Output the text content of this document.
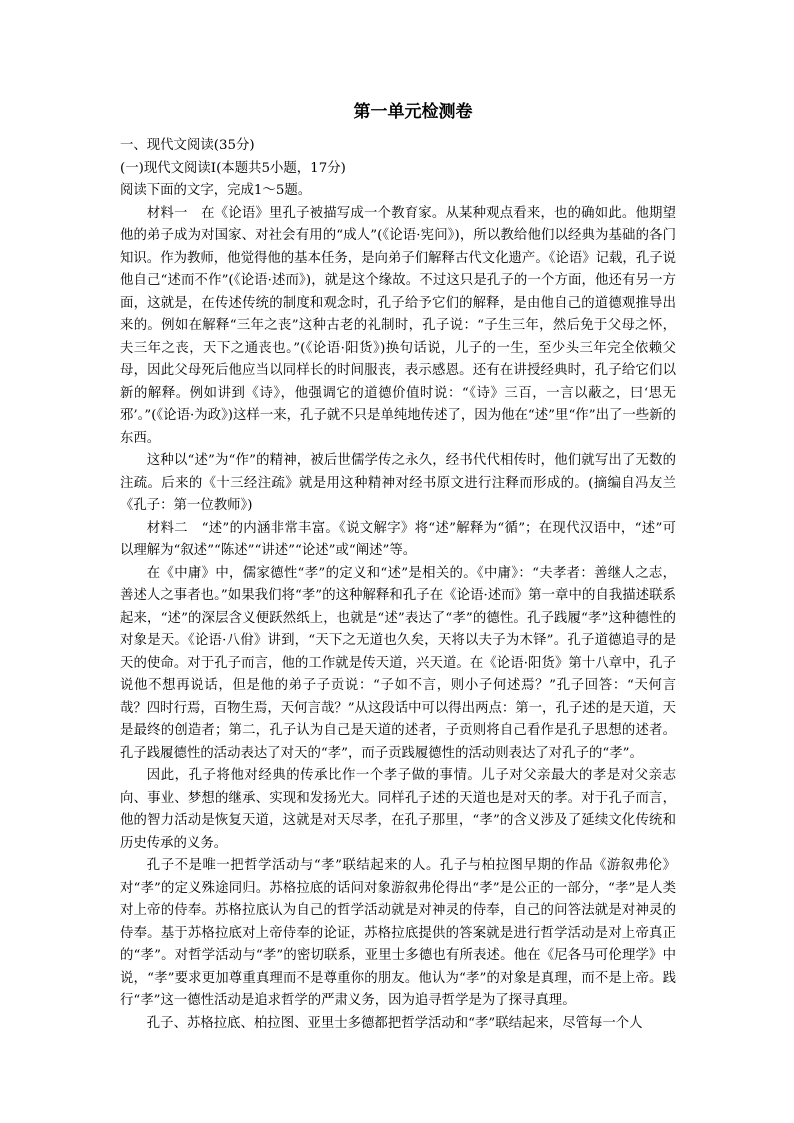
第一单元检测卷

一、现代文阅读(35分)

(一)现代文阅读Ⅰ(本题共5小题，17分)

阅读下面的文字，完成1～5题。

材料一　在《论语》里孔子被描写成一个教育家。从某种观点看来，也的确如此。他期望他的弟子成为对国家、对社会有用的“成人”(《论语·宪问》)，所以教给他们以经典为基础的各门知识。作为教师，他觉得他的基本任务，是向弟子们解释古代文化遗产。《论语》记载，孔子说他自己“述而不作”(《论语·述而》)，就是这个缘故。不过这只是孔子的一个方面，他还有另一方面，这就是，在传述传统的制度和观念时，孔子给予它们的解释，是由他自己的道德观推导出来的。例如在解释“三年之丧”这种古老的礼制时，孔子说：“子生三年，然后免于父母之怀，夫三年之丧，天下之通丧也。”(《论语·阳货》)换句话说，儿子的一生，至少头三年完全依赖父母，因此父母死后他应当以同样长的时间服丧，表示感恩。还有在讲授经典时，孔子给它们以新的解释。例如讲到《诗》，他强调它的道德价值时说：“《诗》三百，一言以蔽之，曰‘思无邪’。”(《论语·为政》)这样一来，孔子就不只是单纯地传述了，因为他在“述”里“作”出了一些新的东西。

这种以“述”为“作”的精神，被后世儒学传之永久，经书代代相传时，他们就写出了无数的注疏。后来的《十三经注疏》就是用这种精神对经书原文进行注释而形成的。(摘编自冯友兰《孔子：第一位教师》)

材料二　“述”的内涵非常丰富。《说文解字》将“述”解释为“循”；在现代汉语中，“述”可以理解为“叙述”“陈述”“讲述”“论述”或“阐述”等。

在《中庸》中，儒家德性“孝”的定义和“述”是相关的。《中庸》：“夫孝者：善继人之志，善述人之事者也。”如果我们将“孝”的这种解释和孔子在《论语·述而》第一章中的自我描述联系起来，“述”的深层含义便跃然纸上，也就是“述”表达了“孝”的德性。孔子践履“孝”这种德性的对象是天。《论语·八佾》讲到，“天下之无道也久矣，天将以夫子为木铎”。孔子道德追寻的是天的使命。对于孔子而言，他的工作就是传天道，兴天道。在《论语·阳货》第十八章中，孔子说他不想再说话，但是他的弟子子贡说：“子如不言，则小子何述焉？”孔子回答：“天何言哉？四时行焉，百物生焉，天何言哉？”从这段话中可以得出两点：第一，孔子述的是天道，天是最终的创造者；第二，孔子认为自己是天道的述者，子贡则将自己看作是孔子思想的述者。孔子践履德性的活动表达了对天的“孝”，而子贡践履德性的活动则表达了对孔子的“孝”。

因此，孔子将他对经典的传承比作一个孝子做的事情。儿子对父亲最大的孝是对父亲志向、事业、梦想的继承、实现和发扬光大。同样孔子述的天道也是对天的孝。对于孔子而言，他的智力活动是恢复天道，这就是对天尽孝，在孔子那里，“孝”的含义涉及了延续文化传统和历史传承的义务。

孔子不是唯一把哲学活动与“孝”联结起来的人。孔子与柏拉图早期的作品《游叙弗伦》对“孝”的定义殊途同归。苏格拉底的话问对象游叙弗伦得出“孝”是公正的一部分，“孝”是人类对上帝的侍奉。苏格拉底认为自己的哲学活动就是对神灵的侍奉，自己的问答法就是对神灵的侍奉。基于苏格拉底对上帝侍奉的论证，苏格拉底提供的答案就是进行哲学活动是对上帝真正的“孝”。对哲学活动与“孝”的密切联系，亚里士多德也有所表述。他在《尼各马可伦理学》中说，“孝”要求更加尊重真理而不是尊重你的朋友。他认为“孝”的对象是真理，而不是上帝。践行“孝”这一德性活动是追求哲学的严肃义务，因为追寻哲学是为了探寻真理。

孔子、苏格拉底、柏拉图、亚里士多德都把哲学活动和“孝”联结起来，尽管每一个人
